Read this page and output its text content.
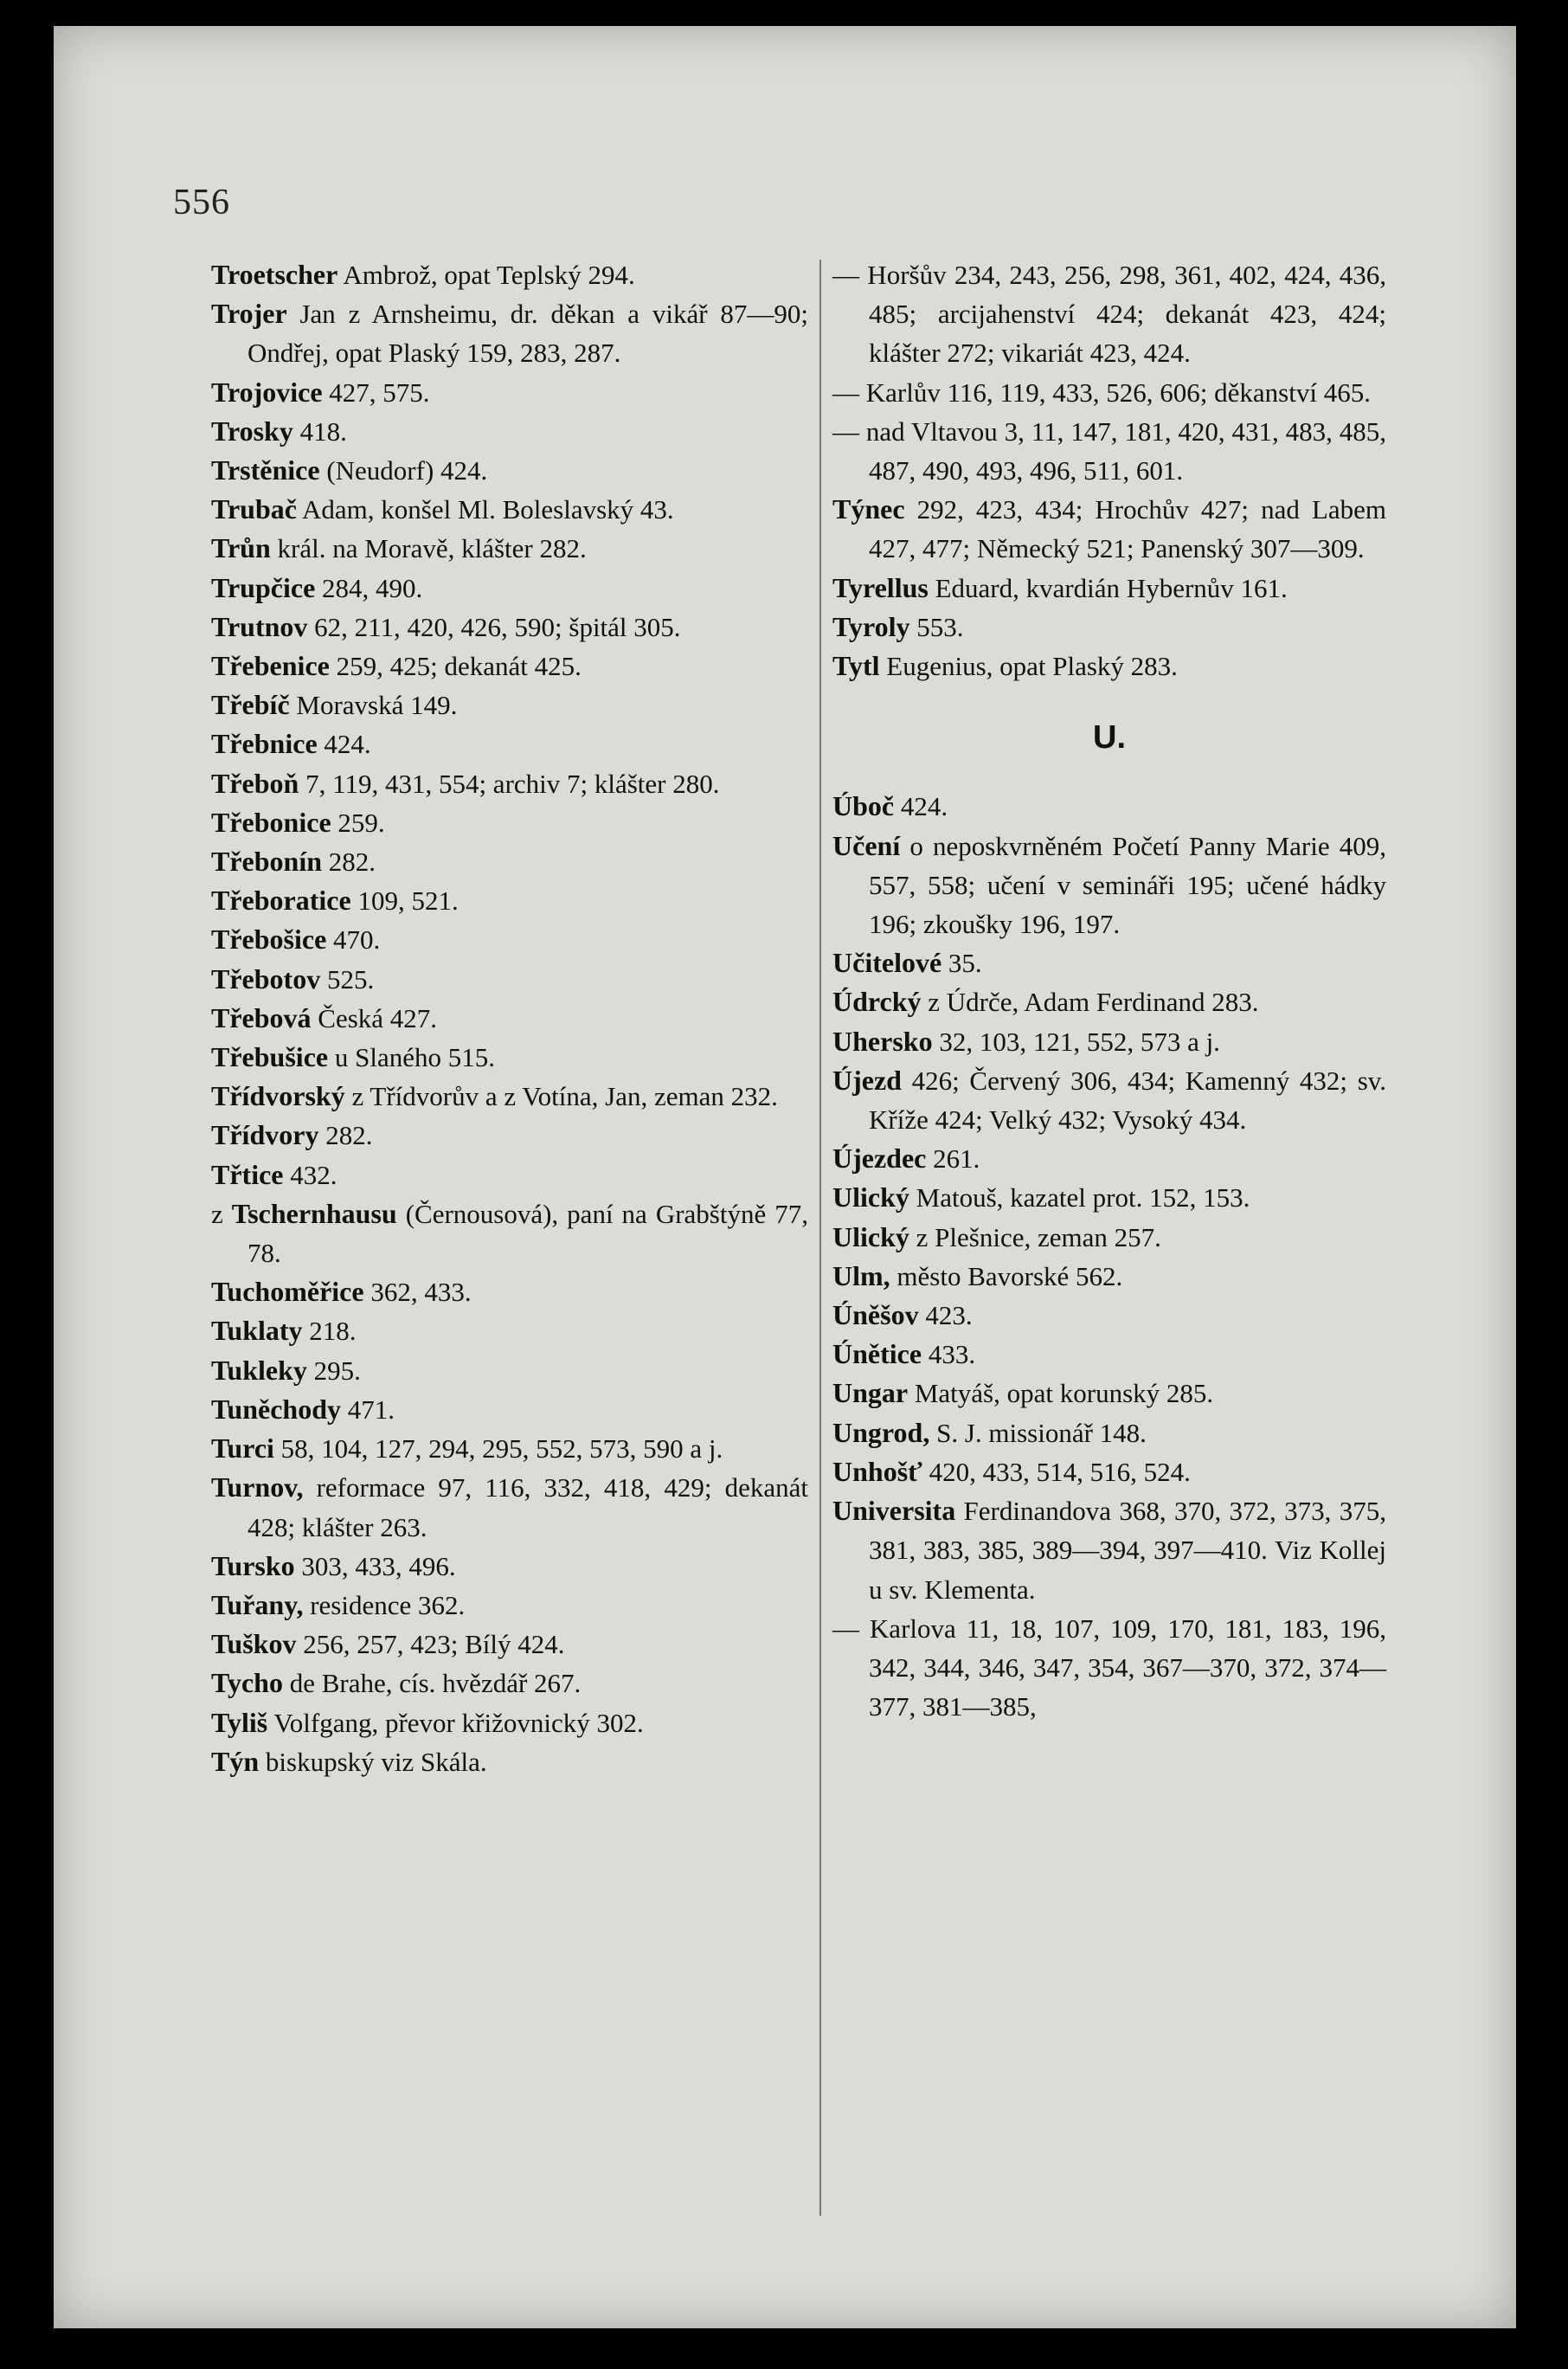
556
Troetscher Ambrož, opat Teplský 294.
Trojer Jan z Arnsheimu, dr. děkan a vikář 87—90; Ondřej, opat Plaský 159, 283, 287.
Trojovice 427, 575.
Trosky 418.
Trstěnice (Neudorf) 424.
Trubač Adam, konšel Ml. Boleslavský 43.
Trůn král. na Moravě, klášter 282.
Trupčice 284, 490.
Trutnov 62, 211, 420, 426, 590; špitál 305.
Třebenice 259, 425; dekanát 425.
Třebíč Moravská 149.
Třebnice 424.
Třeboň 7, 119, 431, 554; archiv 7; klášter 280.
Třebonice 259.
Třebonín 282.
Třeboratice 109, 521.
Třebošice 470.
Třebotov 525.
Třebová Česká 427.
Třebušice u Slaného 515.
Třídvorský z Třídvorův a z Votína, Jan, zeman 232.
Třídvory 282.
Třtice 432.
z Tschernhausu (Černousová), paní na Grabštýně 77, 78.
Tuchoměřice 362, 433.
Tuklaty 218.
Tukleky 295.
Tuněchody 471.
Turci 58, 104, 127, 294, 295, 552, 573, 590 a j.
Turnov, reformace 97, 116, 332, 418, 429; dekanát 428; klášter 263.
Tursko 303, 433, 496.
Tuřany, residence 362.
Tuškov 256, 257, 423; Bílý 424.
Tycho de Brahe, cís. hvězdář 267.
Tyliš Volfgang, převor křižovnický 302.
Týn biskupský viz Skála.
— Horšův 234, 243, 256, 298, 361, 402, 424, 436, 485; arcijahenství 424; dekanát 423, 424; klášter 272; vikariát 423, 424.
— Karlův 116, 119, 433, 526, 606; děkanství 465.
— nad Vltavou 3, 11, 147, 181, 420, 431, 483, 485, 487, 490, 493, 496, 511, 601.
Týnec 292, 423, 434; Hrochův 427; nad Labem 427, 477; Německý 521; Panenský 307—309.
Tyrellus Eduard, kvardián Hybernův 161.
Tyroly 553.
Tytl Eugenius, opat Plaský 283.
U.
Úboč 424.
Učení o neposkvrněném Početí Panny Marie 409, 557, 558; učení v semináři 195; učené hádky 196; zkoušky 196, 197.
Učitelové 35.
Údrcký z Údrče, Adam Ferdinand 283.
Uhersko 32, 103, 121, 552, 573 a j.
Újezd 426; Červený 306, 434; Kamenný 432; sv. Kříže 424; Velký 432; Vysoký 434.
Újezdec 261.
Ulický Matouš, kazatel prot. 152, 153.
Ulický z Plešnice, zeman 257.
Ulm, město Bavorské 562.
Úněšov 423.
Únětice 433.
Ungar Matyáš, opat korunský 285.
Ungrod, S. J. missionář 148.
Unhošť 420, 433, 514, 516, 524.
Universita Ferdinandova 368, 370, 372, 373, 375, 381, 383, 385, 389—394, 397—410. Viz Kollej u sv. Klementa.
— Karlova 11, 18, 107, 109, 170, 181, 183, 196, 342, 344, 346, 347, 354, 367—370, 372, 374—377, 381—385,
